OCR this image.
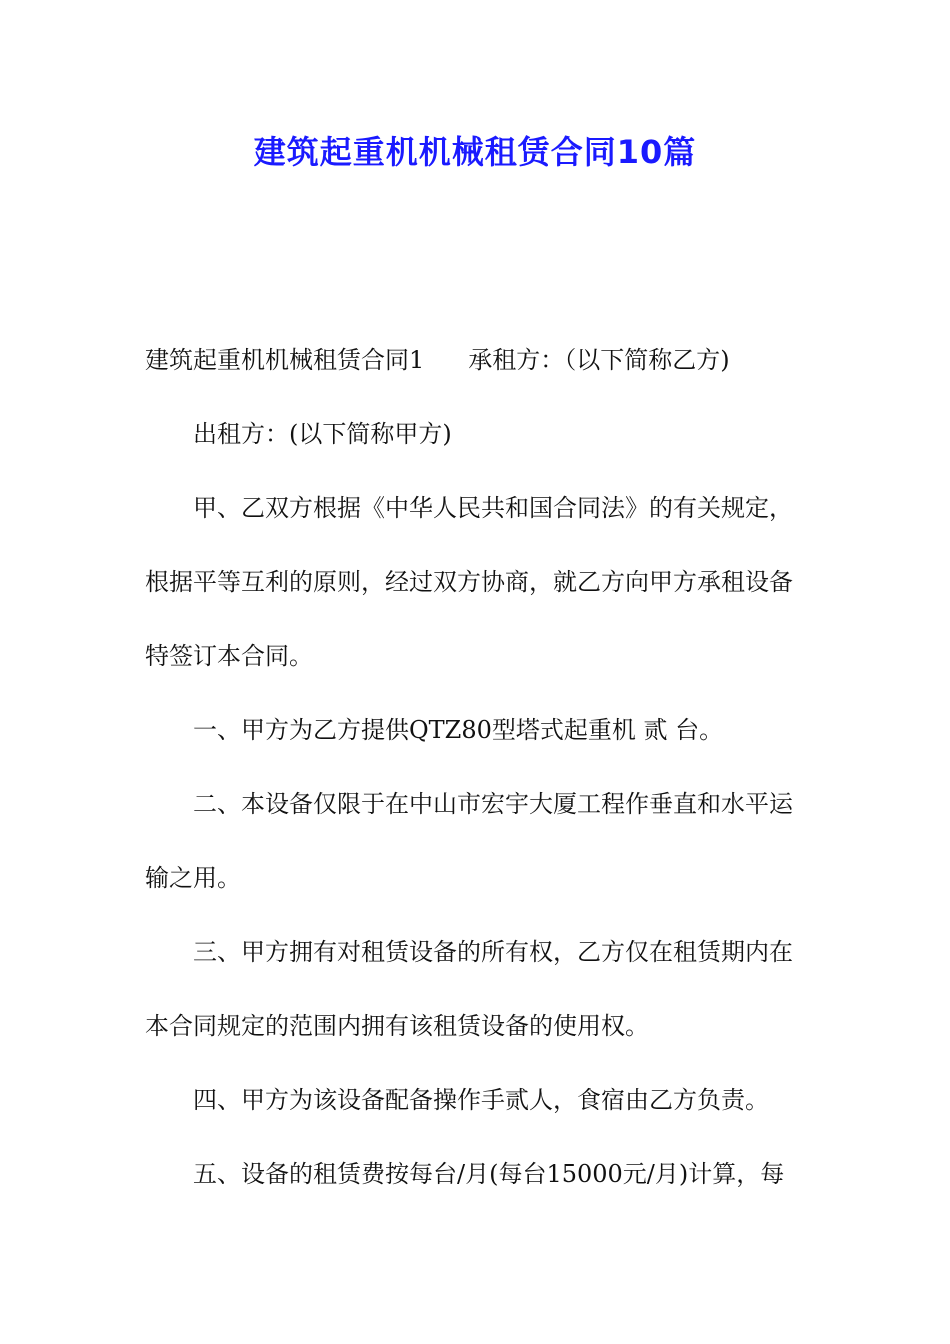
建筑起重机机械租赁合同10篇

建筑起重机机械租赁合同1 承租方：（以下简称乙方)

出租方：(以下简称甲方)

甲、乙双方根据《中华人民共和国合同法》的有关规定，

根据平等互利的原则，经过双方协商，就乙方向甲方承租设备

特签订本合同。

一、甲方为乙方提供QTZ80型塔式起重机 贰 台。

二、本设备仅限于在中山市宏宇大厦工程作垂直和水平运

输之用。

三、甲方拥有对租赁设备的所有权，乙方仅在租赁期内在

本合同规定的范围内拥有该租赁设备的使用权。

四、甲方为该设备配备操作手贰人，食宿由乙方负责。

五、设备的租赁费按每台/月(每台15000元/月)计算，每
